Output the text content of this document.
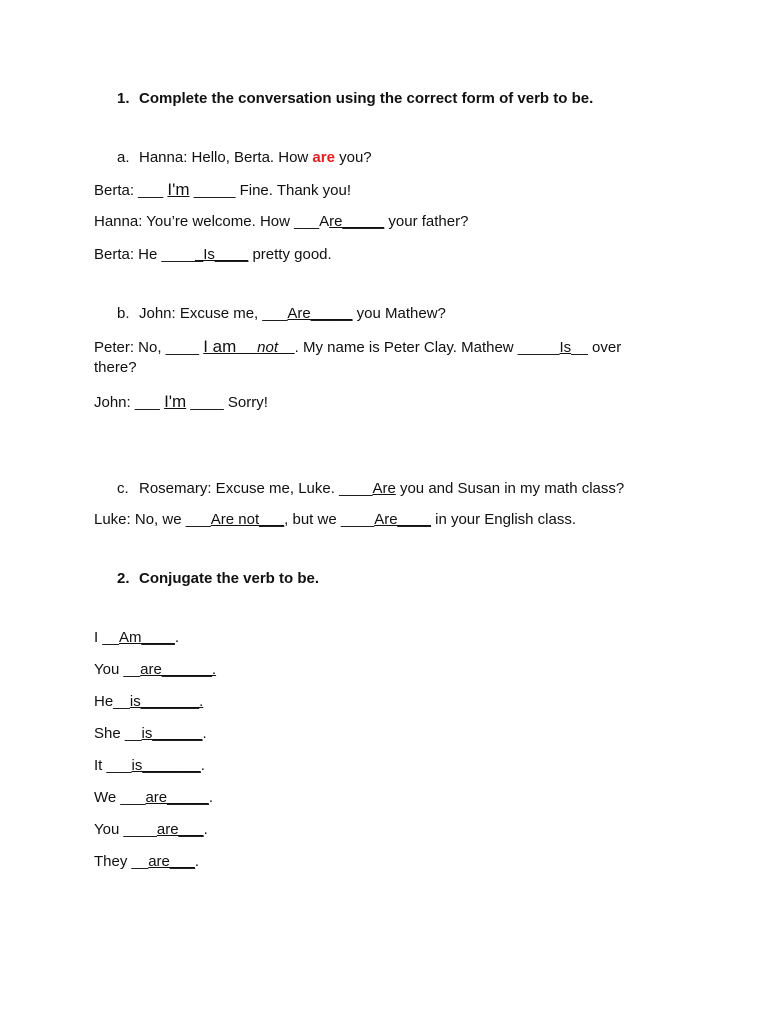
1. Complete the conversation using the correct form of verb to be.
a. Hanna: Hello, Berta. How are you?
Berta: ___ I'm _____ Fine. Thank you!
Hanna: You’re welcome. How ___Are_____ your father?
Berta: He _____Is____ pretty good.
b. John: Excuse me, ___Are_____ you Mathew?
Peter: No, ____ I am not . My name is Peter Clay. Mathew _____Is__ over
there?
John: ___ I'm ____ Sorry!
c. Rosemary: Excuse me, Luke. ____Are you and Susan in my math class?
Luke: No, we ___Are not___, but we ____Are____ in your English class.
2. Conjugate the verb to be.
I __Am____.
You __are______.
He__is_______.
She __is______.
It ___is_______.
We ___are_____.
You ____are___.
They __are___.
